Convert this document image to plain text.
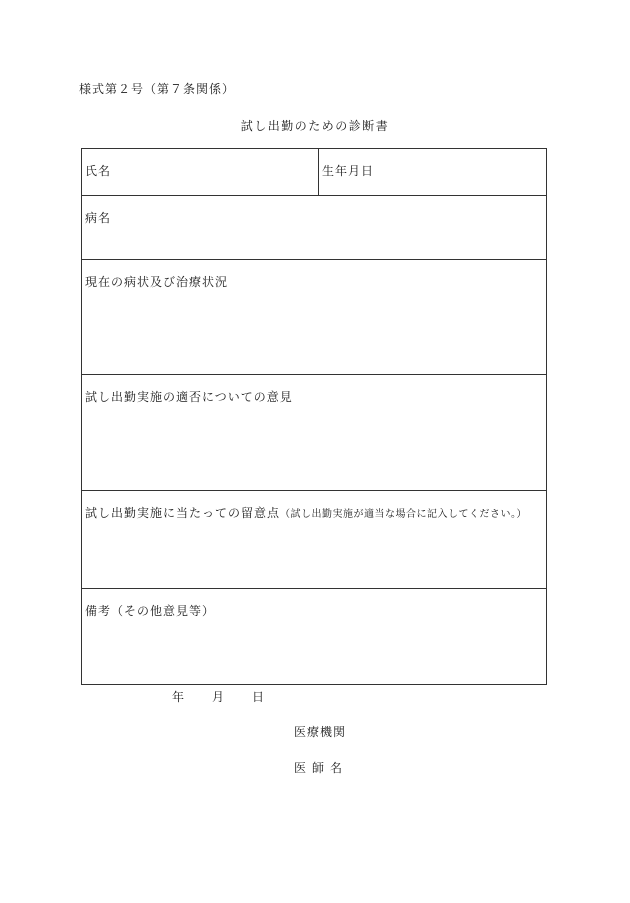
様式第２号（第７条関係）
試し出勤のための診断書
氏名	生年月日
病名
現在の病状及び治療状況
試し出勤実施の適否についての意見
試し出勤実施に当たっての留意点（試し出勤実施が適当な場合に記入してください。）
備考（その他意見等）
年 月 日
医療機関
医師名
